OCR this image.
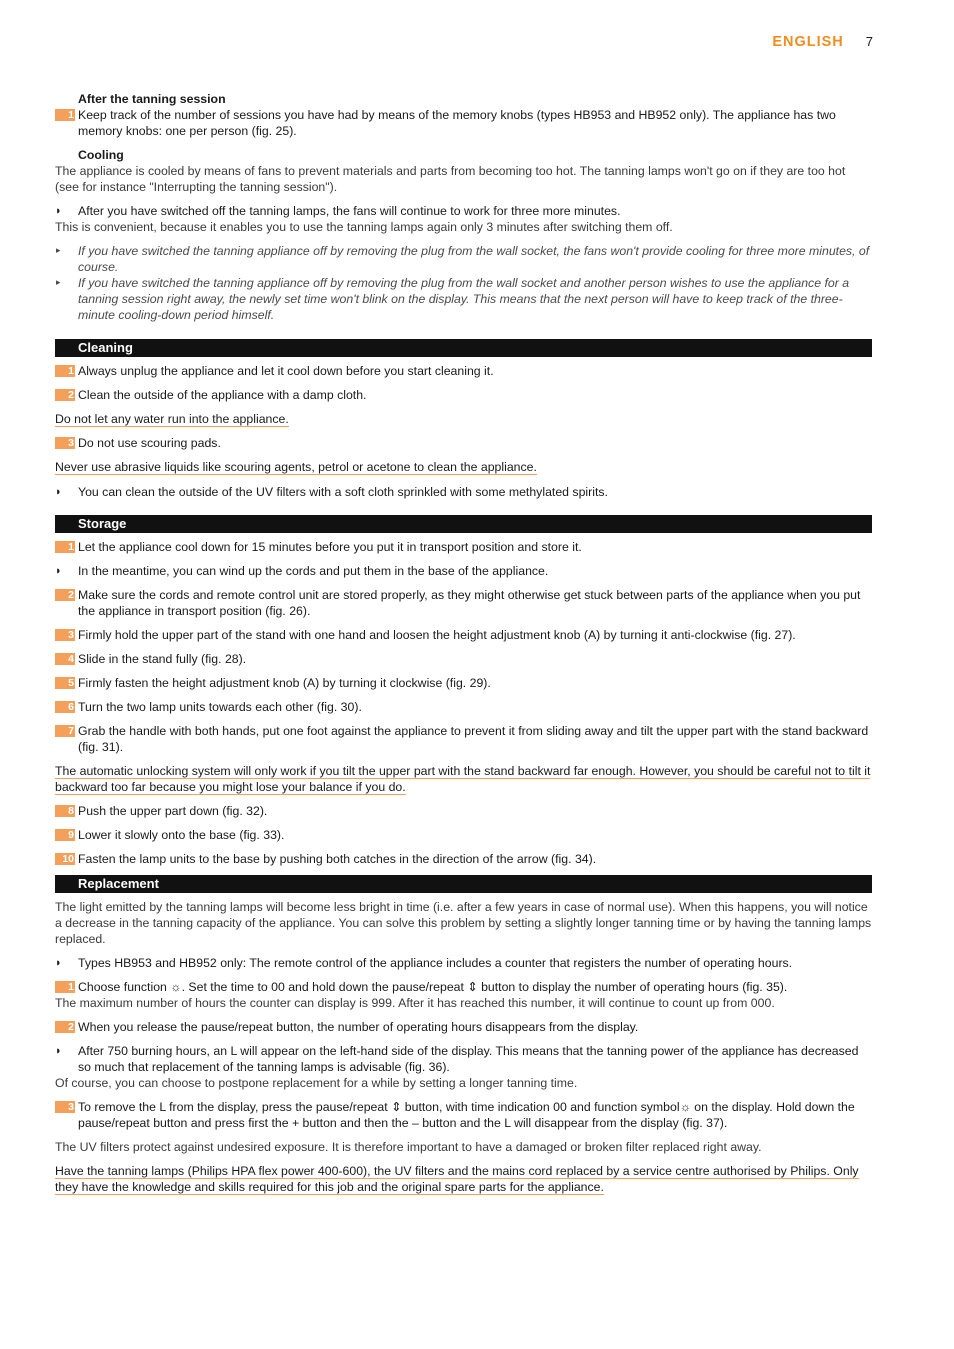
ENGLISH 7
After the tanning session
1 Keep track of the number of sessions you have had by means of the memory knobs (types HB953 and HB952 only). The appliance has two memory knobs: one per person (fig. 25).
Cooling
The appliance is cooled by means of fans to prevent materials and parts from becoming too hot. The tanning lamps won't go on if they are too hot (see for instance "Interrupting the tanning session").
◗ After you have switched off the tanning lamps, the fans will continue to work for three more minutes.
This is convenient, because it enables you to use the tanning lamps again only 3 minutes after switching them off.
▸ If you have switched the tanning appliance off by removing the plug from the wall socket, the fans won't provide cooling for three more minutes, of course.
▸ If you have switched the tanning appliance off by removing the plug from the wall socket and another person wishes to use the appliance for a tanning session right away, the newly set time won't blink on the display. This means that the next person will have to keep track of the three-minute cooling-down period himself.
Cleaning
1 Always unplug the appliance and let it cool down before you start cleaning it.
2 Clean the outside of the appliance with a damp cloth.
Do not let any water run into the appliance.
3 Do not use scouring pads.
Never use abrasive liquids like scouring agents, petrol or acetone to clean the appliance.
◗ You can clean the outside of the UV filters with a soft cloth sprinkled with some methylated spirits.
Storage
1 Let the appliance cool down for 15 minutes before you put it in transport position and store it.
◗ In the meantime, you can wind up the cords and put them in the base of the appliance.
2 Make sure the cords and remote control unit are stored properly, as they might otherwise get stuck between parts of the appliance when you put the appliance in transport position (fig. 26).
3 Firmly hold the upper part of the stand with one hand and loosen the height adjustment knob (A) by turning it anti-clockwise (fig. 27).
4 Slide in the stand fully (fig. 28).
5 Firmly fasten the height adjustment knob (A) by turning it clockwise (fig. 29).
6 Turn the two lamp units towards each other (fig. 30).
7 Grab the handle with both hands, put one foot against the appliance to prevent it from sliding away and tilt the upper part with the stand backward (fig. 31).
The automatic unlocking system will only work if you tilt the upper part with the stand backward far enough. However, you should be careful not to tilt it backward too far because you might lose your balance if you do.
8 Push the upper part down (fig. 32).
9 Lower it slowly onto the base (fig. 33).
10 Fasten the lamp units to the base by pushing both catches in the direction of the arrow (fig. 34).
Replacement
The light emitted by the tanning lamps will become less bright in time (i.e. after a few years in case of normal use). When this happens, you will notice a decrease in the tanning capacity of the appliance. You can solve this problem by setting a slightly longer tanning time or by having the tanning lamps replaced.
◗ Types HB953 and HB952 only: The remote control of the appliance includes a counter that registers the number of operating hours.
1 Choose function ☼. Set the time to 00 and hold down the pause/repeat ⇕ button to display the number of operating hours (fig. 35).
The maximum number of hours the counter can display is 999. After it has reached this number, it will continue to count up from 000.
2 When you release the pause/repeat button, the number of operating hours disappears from the display.
◗ After 750 burning hours, an L will appear on the left-hand side of the display. This means that the tanning power of the appliance has decreased so much that replacement of the tanning lamps is advisable (fig. 36).
Of course, you can choose to postpone replacement for a while by setting a longer tanning time.
3 To remove the L from the display, press the pause/repeat ⇕ button, with time indication 00 and function symbol☼ on the display. Hold down the pause/repeat button and press first the + button and then the – button and the L will disappear from the display (fig. 37).
The UV filters protect against undesired exposure. It is therefore important to have a damaged or broken filter replaced right away.
Have the tanning lamps (Philips HPA flex power 400-600), the UV filters and the mains cord replaced by a service centre authorised by Philips. Only they have the knowledge and skills required for this job and the original spare parts for the appliance.
